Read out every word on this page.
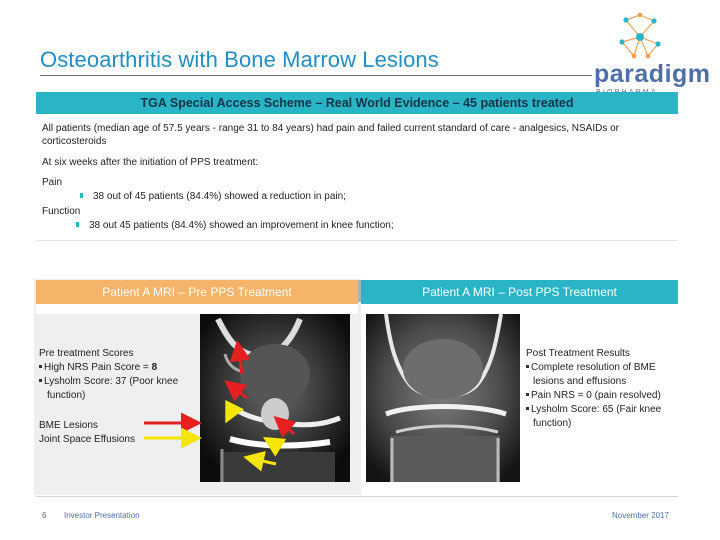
Osteoarthritis with Bone Marrow Lesions
paradigm
TGA Special Access Scheme – Real World Evidence – 45 patients treated
All patients (median age of 57.5 years - range 31 to 84 years) had pain and failed current standard of care - analgesics, NSAIDs or corticosteroids
At six weeks after the initiation of PPS treatment:
Pain
38 out of 45 patients (84.4%) showed a reduction in pain;
Function
38 out 45 patients (84.4%) showed an improvement in knee function;
Patient A MRI – Pre PPS Treatment	Patient A MRI – Post PPS Treatment
Pre treatment Scores
High NRS Pain Score = 8
Lysholm Score: 37 (Poor knee
function)
BME Lesions
Joint Space Effusions
Post Treatment Results
Complete resolution of BME
lesions and effusions
Pain NRS = 0 (pain resolved)
Lysholm Score: 65 (Fair knee
function)
6 Investor Presentation	November 2017
